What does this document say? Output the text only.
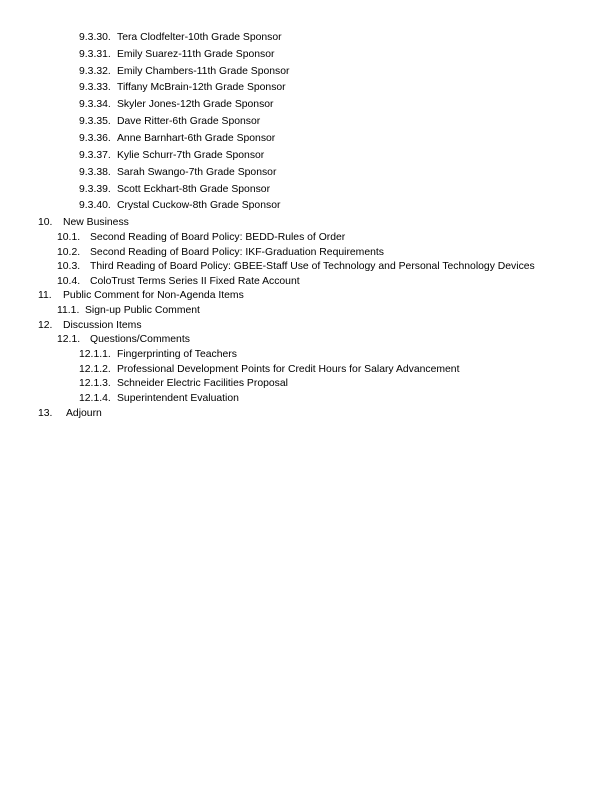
9.3.30. Tera Clodfelter-10th Grade Sponsor
9.3.31. Emily Suarez-11th Grade Sponsor
9.3.32. Emily Chambers-11th Grade Sponsor
9.3.33. Tiffany McBrain-12th Grade Sponsor
9.3.34. Skyler Jones-12th Grade Sponsor
9.3.35. Dave Ritter-6th Grade Sponsor
9.3.36. Anne Barnhart-6th Grade Sponsor
9.3.37. Kylie Schurr-7th Grade Sponsor
9.3.38. Sarah Swango-7th Grade Sponsor
9.3.39. Scott Eckhart-8th Grade Sponsor
9.3.40. Crystal Cuckow-8th Grade Sponsor
10. New Business
10.1. Second Reading of Board Policy: BEDD-Rules of Order
10.2. Second Reading of Board Policy: IKF-Graduation Requirements
10.3. Third Reading of Board Policy: GBEE-Staff Use of Technology and Personal Technology Devices
10.4. ColoTrust Terms Series II Fixed Rate Account
11. Public Comment for Non-Agenda Items
11.1. Sign-up Public Comment
12. Discussion Items
12.1. Questions/Comments
12.1.1. Fingerprinting of Teachers
12.1.2. Professional Development Points for Credit Hours for Salary Advancement
12.1.3. Schneider Electric Facilities Proposal
12.1.4. Superintendent Evaluation
13. Adjourn
